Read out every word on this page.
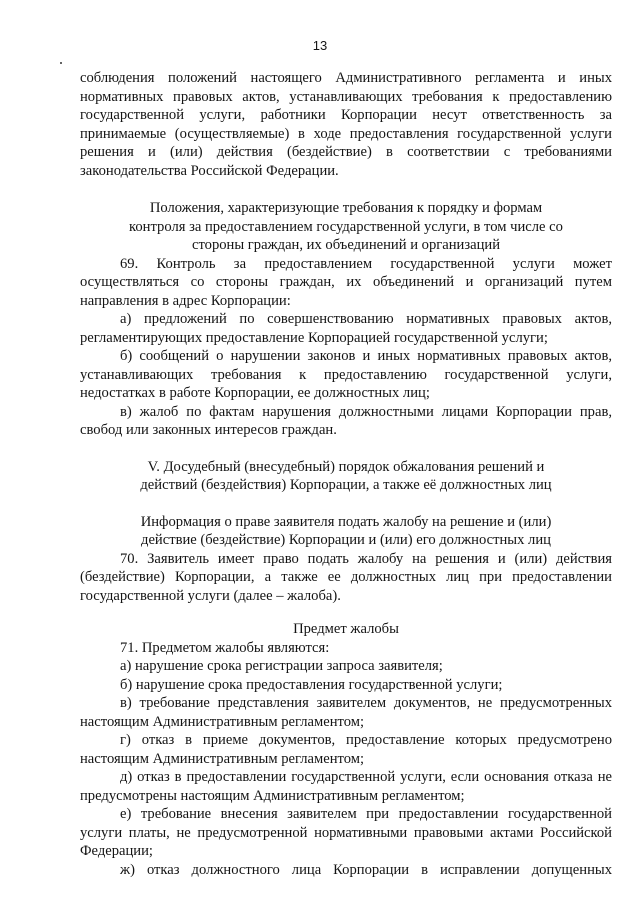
13

соблюдения положений настоящего Административного регламента и иных нормативных правовых актов, устанавливающих требования к предоставлению государственной услуги, работники Корпорации несут ответственность за принимаемые (осуществляемые) в ходе предоставления государственной услуги решения и (или) действия (бездействие) в соответствии с требованиями законодательства Российской Федерации.

Положения, характеризующие требования к порядку и формам контроля за предоставлением государственной услуги, в том числе со стороны граждан, их объединений и организаций

69. Контроль за предоставлением государственной услуги может осуществляться со стороны граждан, их объединений и организаций путем направления в адрес Корпорации:

а) предложений по совершенствованию нормативных правовых актов, регламентирующих предоставление Корпорацией государственной услуги;

б) сообщений о нарушении законов и иных нормативных правовых актов, устанавливающих требования к предоставлению государственной услуги, недостатках в работе Корпорации, ее должностных лиц;

в) жалоб по фактам нарушения должностными лицами Корпорации прав, свобод или законных интересов граждан.

V. Досудебный (внесудебный) порядок обжалования решений и действий (бездействия) Корпорации, а также её должностных лиц

Информация о праве заявителя подать жалобу на решение и (или) действие (бездействие) Корпорации и (или) его должностных лиц

70. Заявитель имеет право подать жалобу на решения и (или) действия (бездействие) Корпорации, а также ее должностных лиц при предоставлении государственной услуги (далее – жалоба).

Предмет жалобы

71. Предметом жалобы являются:

а) нарушение срока регистрации запроса заявителя;

б) нарушение срока предоставления государственной услуги;

в) требование представления заявителем документов, не предусмотренных настоящим Административным регламентом;

г) отказ в приеме документов, предоставление которых предусмотрено настоящим Административным регламентом;

д) отказ в предоставлении государственной услуги, если основания отказа не предусмотрены настоящим Административным регламентом;

е) требование внесения заявителем при предоставлении государственной услуги платы, не предусмотренной нормативными правовыми актами Российской Федерации;

ж) отказ должностного лица Корпорации в исправлении допущенных
